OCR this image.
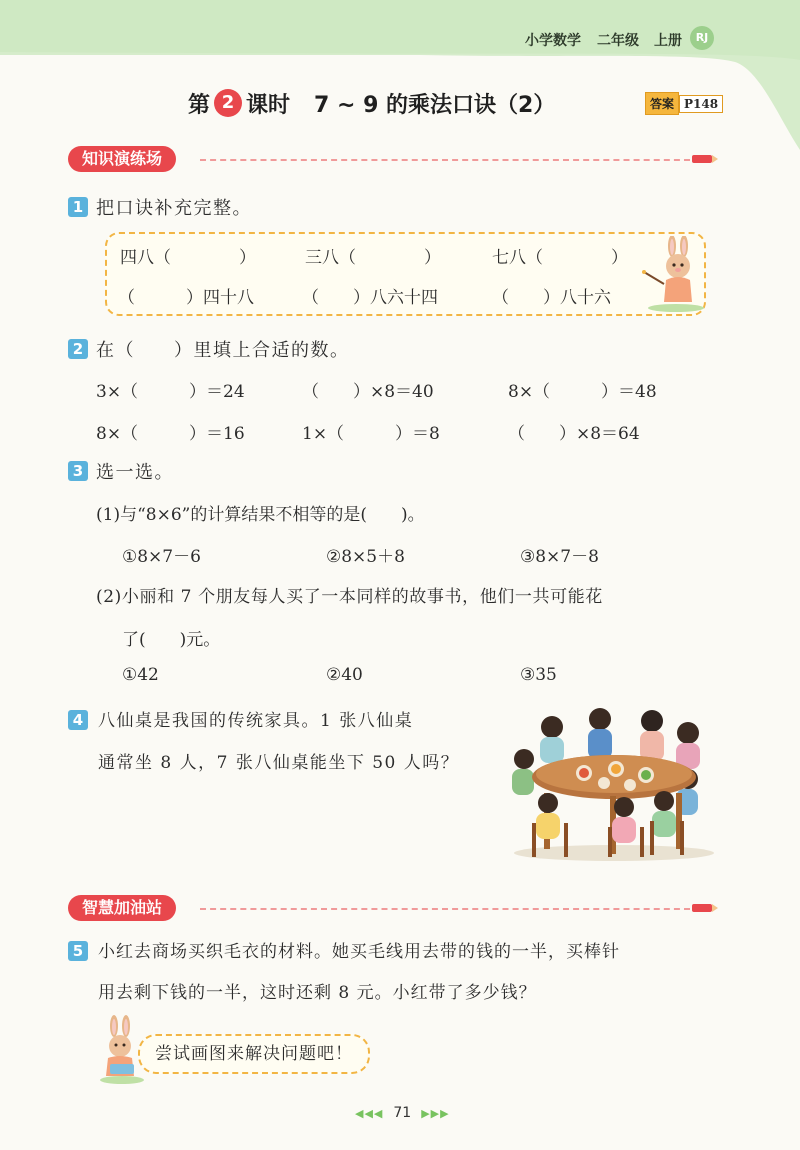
小学数学 二年级 上册	RJ
第 2 课时 7 ~ 9 的乘法口诀（2）	答案 P148
知识演练场
1 把口诀补充完整。
四八（　　　　）	三八（　　　　）	七八（　　　　）
（　　　）四十八	（　　）八六十四	（　　）八十六
2 在（　　）里填上合适的数。
3×（　　　）＝24	（　　）×8＝40	8×（　　　）＝48
8×（　　　）＝16	1×（　　　）＝8	（　　）×8＝64
3 选一选。
(1)与“8×6”的计算结果不相等的是(　　)。
①8×7－6	②8×5＋8	③8×7－8
(2)小丽和 7 个朋友每人买了一本同样的故事书，他们一共可能花
了(　　)元。
①42	②40	③35
4 八仙桌是我国的传统家具。1 张八仙桌
通常坐 8 人，7 张八仙桌能坐下 50 人吗？
智慧加油站
5 小红去商场买织毛衣的材料。她买毛线用去带的钱的一半，买棒针
用去剩下钱的一半，这时还剩 8 元。小红带了多少钱？
尝试画图来解决问题吧！
◀◀◀ 71 ▶▶▶
